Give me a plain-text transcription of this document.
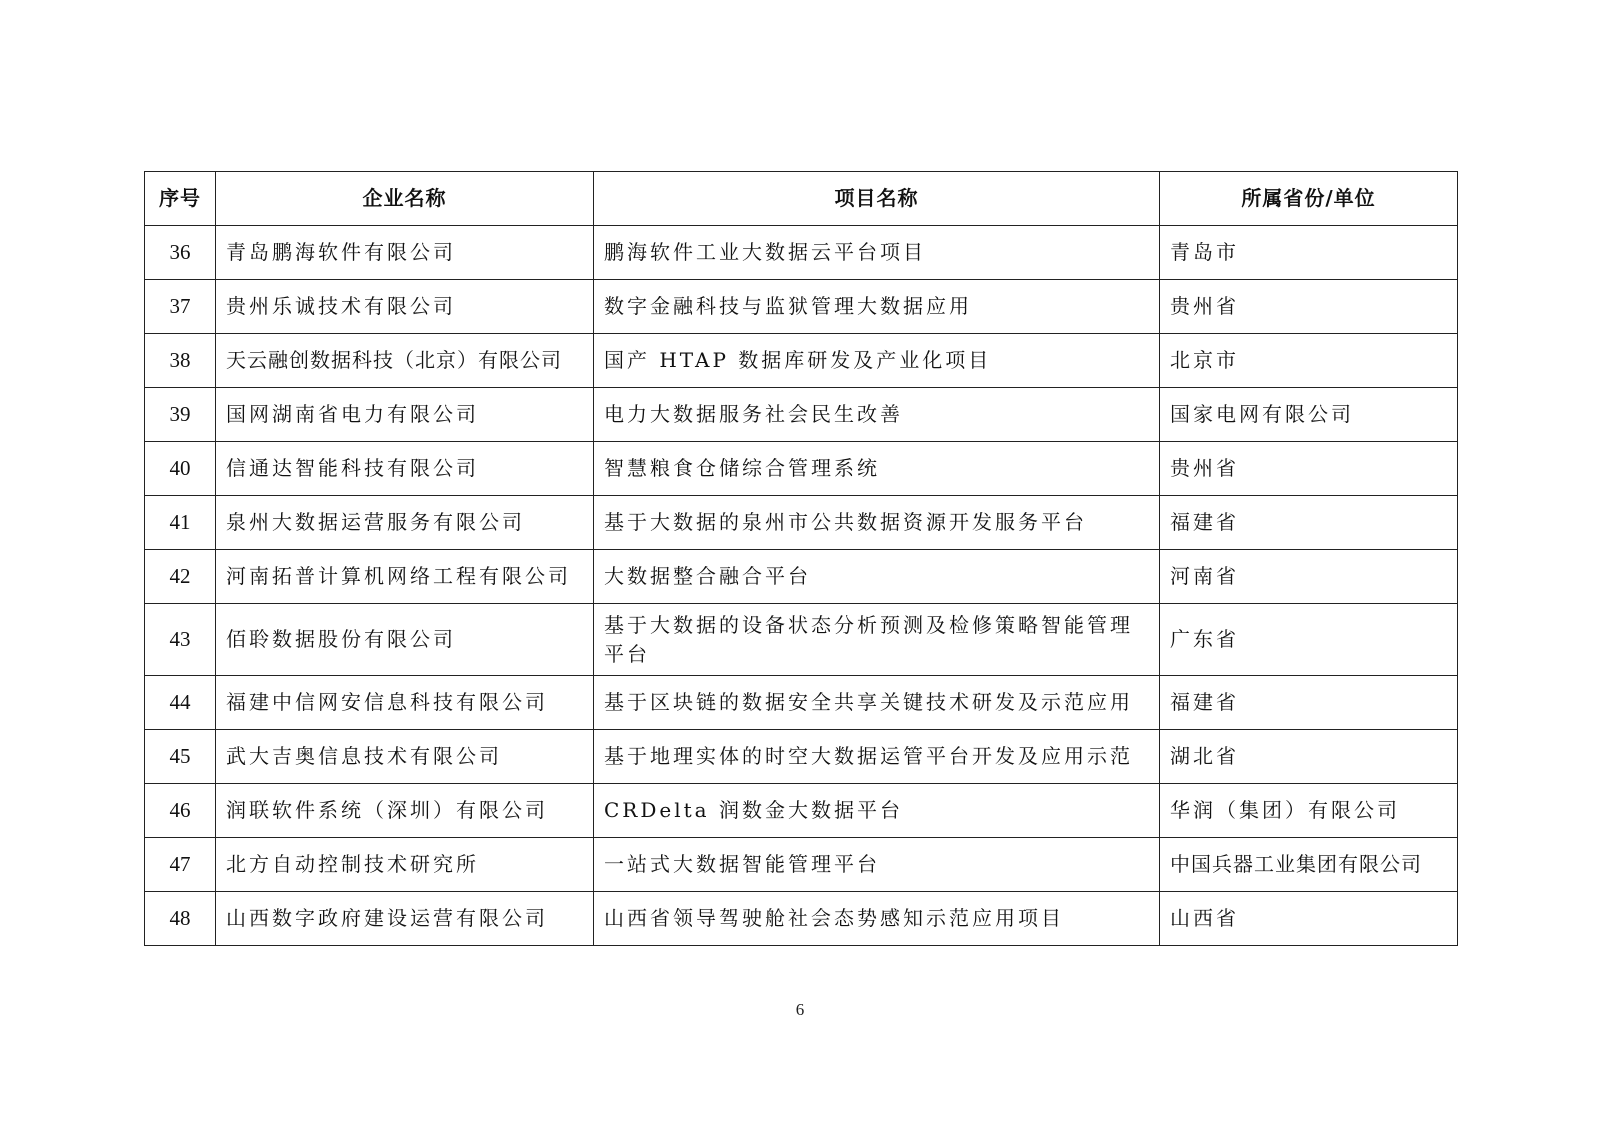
序号	企业名称	项目名称	所属省份/单位
36	青岛鹏海软件有限公司	鹏海软件工业大数据云平台项目	青岛市
37	贵州乐诚技术有限公司	数字金融科技与监狱管理大数据应用	贵州省
38	天云融创数据科技（北京）有限公司	国产 HTAP 数据库研发及产业化项目	北京市
39	国网湖南省电力有限公司	电力大数据服务社会民生改善	国家电网有限公司
40	信通达智能科技有限公司	智慧粮食仓储综合管理系统	贵州省
41	泉州大数据运营服务有限公司	基于大数据的泉州市公共数据资源开发服务平台	福建省
42	河南拓普计算机网络工程有限公司	大数据整合融合平台	河南省
43	佰聆数据股份有限公司	基于大数据的设备状态分析预测及检修策略智能管理平台	广东省
44	福建中信网安信息科技有限公司	基于区块链的数据安全共享关键技术研发及示范应用	福建省
45	武大吉奥信息技术有限公司	基于地理实体的时空大数据运管平台开发及应用示范	湖北省
46	润联软件系统（深圳）有限公司	CRDelta 润数金大数据平台	华润（集团）有限公司
47	北方自动控制技术研究所	一站式大数据智能管理平台	中国兵器工业集团有限公司
48	山西数字政府建设运营有限公司	山西省领导驾驶舱社会态势感知示范应用项目	山西省
6
